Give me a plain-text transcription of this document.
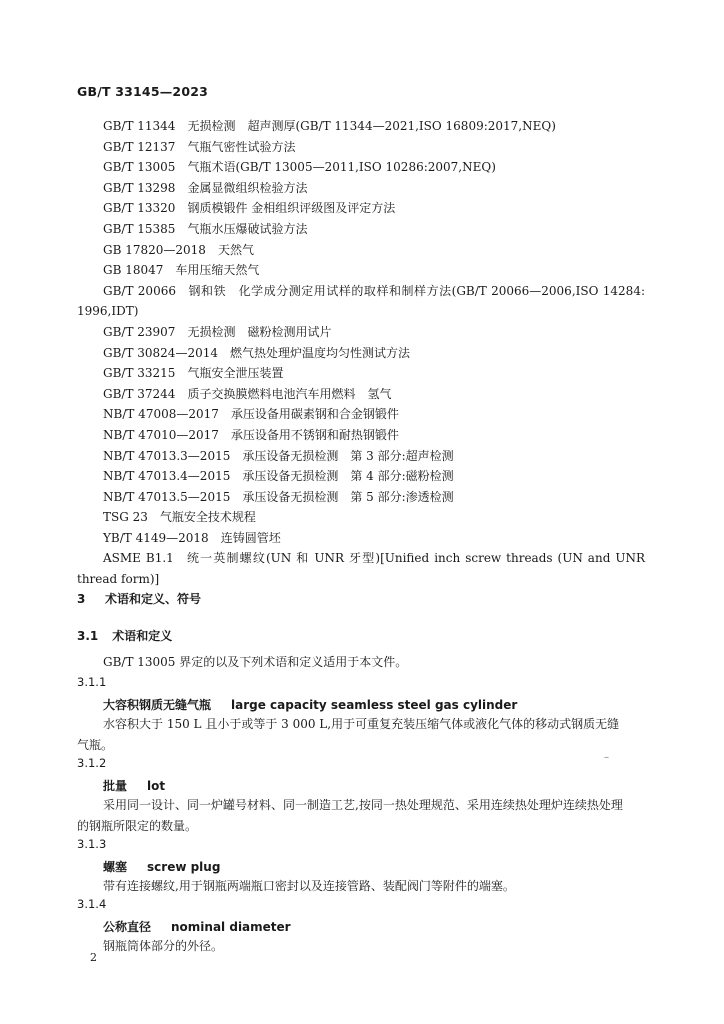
GB/T 33145—2023
GB/T 11344 无损检测　超声测厚(GB/T 11344—2021,ISO 16809:2017,NEQ)
GB/T 12137 气瓶气密性试验方法
GB/T 13005 气瓶术语(GB/T 13005—2011,ISO 10286:2007,NEQ)
GB/T 13298 金属显微组织检验方法
GB/T 13320 钢质模锻件 金相组织评级图及评定方法
GB/T 15385 气瓶水压爆破试验方法
GB 17820—2018 天然气
GB 18047 车用压缩天然气
GB/T 20066 钢和铁　化学成分测定用试样的取样和制样方法(GB/T 20066—2006,ISO 14284:
1996,IDT)
GB/T 23907 无损检测　磁粉检测用试片
GB/T 30824—2014 燃气热处理炉温度均匀性测试方法
GB/T 33215 气瓶安全泄压装置
GB/T 37244 质子交换膜燃料电池汽车用燃料　氢气
NB/T 47008—2017 承压设备用碳素钢和合金钢锻件
NB/T 47010—2017 承压设备用不锈钢和耐热钢锻件
NB/T 47013.3—2015 承压设备无损检测　第 3 部分:超声检测
NB/T 47013.4—2015 承压设备无损检测　第 4 部分:磁粉检测
NB/T 47013.5—2015 承压设备无损检测　第 5 部分:渗透检测
TSG 23 气瓶安全技术规程
YB/T 4149—2018 连铸圆管坯
ASME B1.1 统一英制螺纹(UN 和 UNR 牙型)[Unified inch screw threads (UN and UNR
thread form)]
3 术语和定义、符号
3.1 术语和定义
GB/T 13005 界定的以及下列术语和定义适用于本文件。
3.1.1
大容积钢质无缝气瓶 large capacity seamless steel gas cylinder
水容积大于 150 L 且小于或等于 3 000 L,用于可重复充装压缩气体或液化气体的移动式钢质无缝
气瓶。
–
3.1.2
批量 lot
采用同一设计、同一炉罐号材料、同一制造工艺,按同一热处理规范、采用连续热处理炉连续热处理
的钢瓶所限定的数量。
3.1.3
螺塞 screw plug
带有连接螺纹,用于钢瓶两端瓶口密封以及连接管路、装配阀门等附件的端塞。
3.1.4
公称直径 nominal diameter
钢瓶筒体部分的外径。
2
